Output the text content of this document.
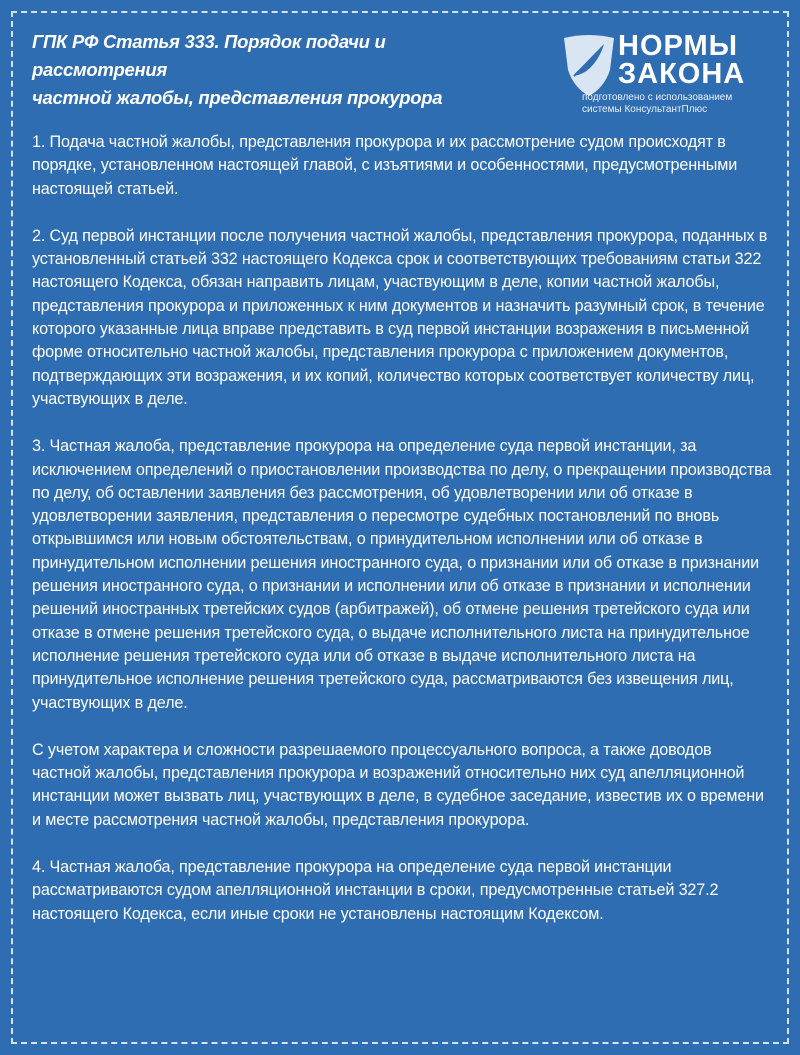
ГПК РФ Статья 333. Порядок подачи и рассмотрения
частной жалобы, представления прокурора
НОРМЫ
ЗАКОНА
подготовлено с использованием
системы КонсультантПлюс

1. Подача частной жалобы, представления прокурора и их рассмотрение судом происходят в порядке, установленном настоящей главой, с изъятиями и особенностями, предусмотренными настоящей статьей.

2. Суд первой инстанции после получения частной жалобы, представления прокурора, поданных в установленный статьей 332 настоящего Кодекса срок и соответствующих требованиям статьи 322 настоящего Кодекса, обязан направить лицам, участвующим в деле, копии частной жалобы, представления прокурора и приложенных к ним документов и назначить разумный срок, в течение которого указанные лица вправе представить в суд первой инстанции возражения в письменной форме относительно частной жалобы, представления прокурора с приложением документов, подтверждающих эти возражения, и их копий, количество которых соответствует количеству лиц, участвующих в деле.

3. Частная жалоба, представление прокурора на определение суда первой инстанции, за исключением определений о приостановлении производства по делу, о прекращении производства по делу, об оставлении заявления без рассмотрения, об удовлетворении или об отказе в удовлетворении заявления, представления о пересмотре судебных постановлений по вновь открывшимся или новым обстоятельствам, о принудительном исполнении или об отказе в принудительном исполнении решения иностранного суда, о признании или об отказе в признании решения иностранного суда, о признании и исполнении или об отказе в признании и исполнении решений иностранных третейских судов (арбитражей), об отмене решения третейского суда или отказе в отмене решения третейского суда, о выдаче исполнительного листа на принудительное исполнение решения третейского суда или об отказе в выдаче исполнительного листа на принудительное исполнение решения третейского суда, рассматриваются без извещения лиц, участвующих в деле.

С учетом характера и сложности разрешаемого процессуального вопроса, а также доводов частной жалобы, представления прокурора и возражений относительно них суд апелляционной инстанции может вызвать лиц, участвующих в деле, в судебное заседание, известив их о времени и месте рассмотрения частной жалобы, представления прокурора.

4. Частная жалоба, представление прокурора на определение суда первой инстанции рассматриваются судом апелляционной инстанции в сроки, предусмотренные статьей 327.2 настоящего Кодекса, если иные сроки не установлены настоящим Кодексом.
